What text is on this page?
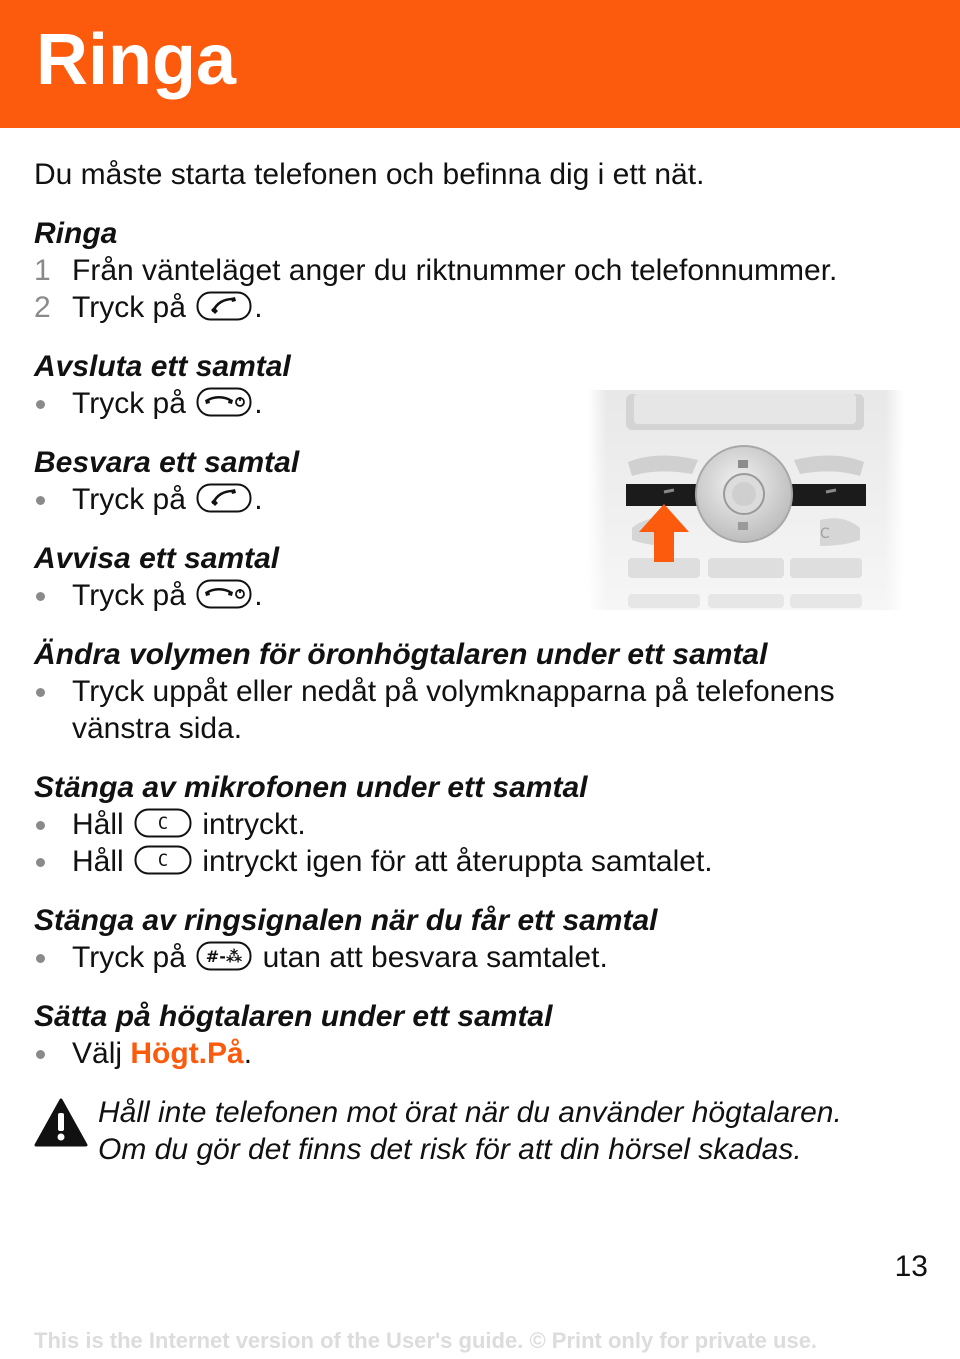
Ringa
Du måste starta telefonen och befinna dig i ett nät.
Ringa
1 Från vänteläget anger du riktnummer och telefonnummer.
2 Tryck på .
Avsluta ett samtal
Tryck på .
Besvara ett samtal
Tryck på .
Avvisa ett samtal
Tryck på .
Ändra volymen för öronhögtalaren under ett samtal
Tryck uppåt eller nedåt på volymknapparna på telefonens vänstra sida.
Stänga av mikrofonen under ett samtal
Håll C intryckt.
Håll C intryckt igen för att återuppta samtalet.
Stänga av ringsignalen när du får ett samtal
Tryck på #-⁂ utan att besvara samtalet.
Sätta på högtalaren under ett samtal
Välj Högt.På.
Håll inte telefonen mot örat när du använder högtalaren.
Om du gör det finns det risk för att din hörsel skadas.
13
This is the Internet version of the User's guide. © Print only for private use.
